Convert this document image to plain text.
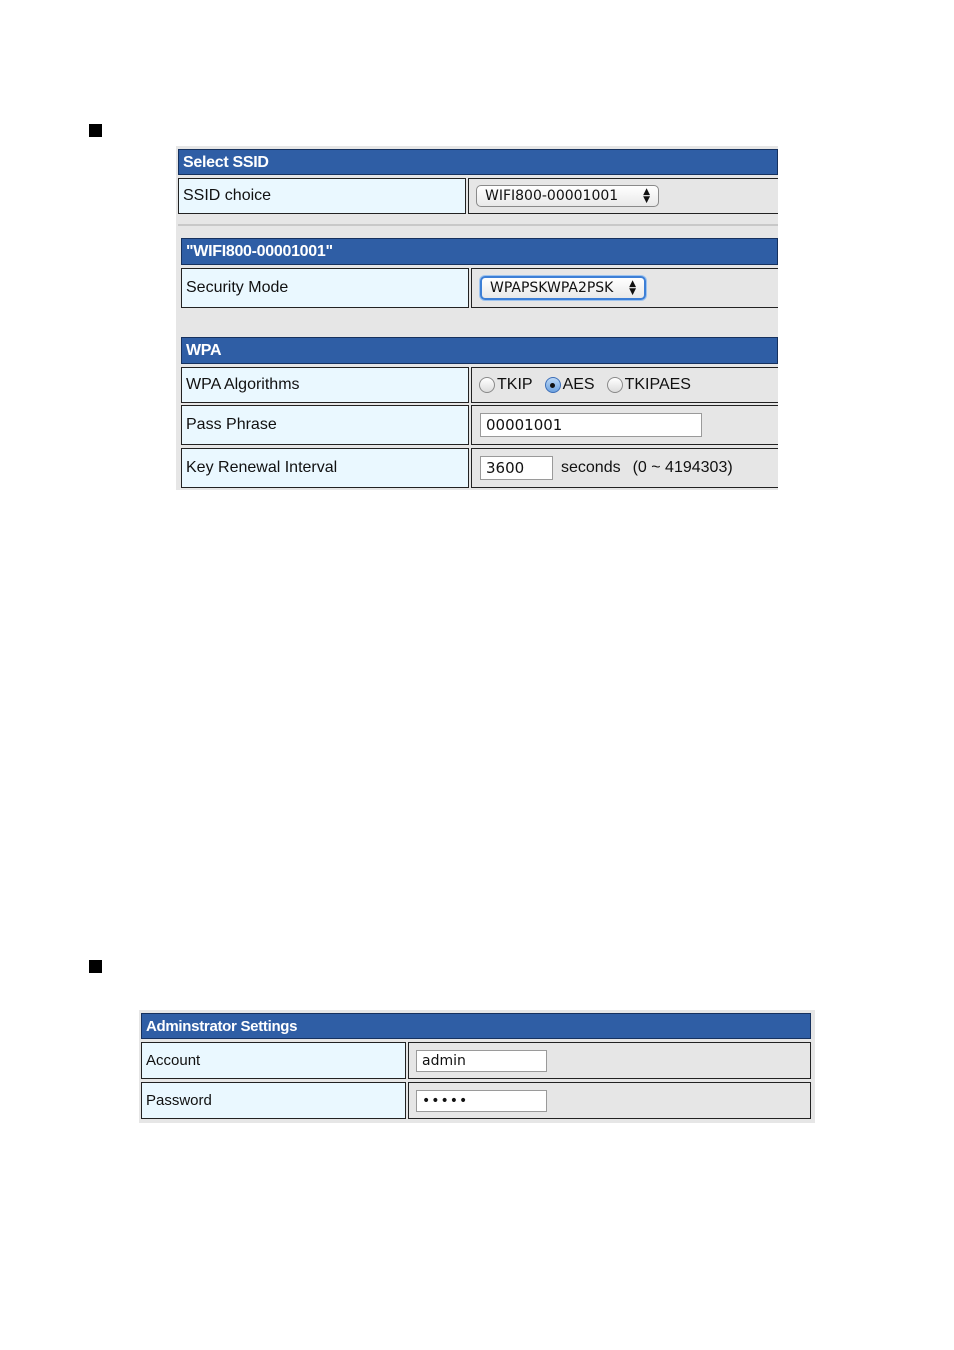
Select SSID
SSID choice	WIFI800-00001001	▲
▼
"WIFI800-00001001"
Security Mode	WPAPSKWPA2PSK ▲
▼
WPA
WPA Algorithms	TKIP AES TKIPAES
Pass Phrase	00001001
Key Renewal Interval	3600	seconds (0 ~ 4194303)
Adminstrator Settings
Account	admin
Password	•••••
